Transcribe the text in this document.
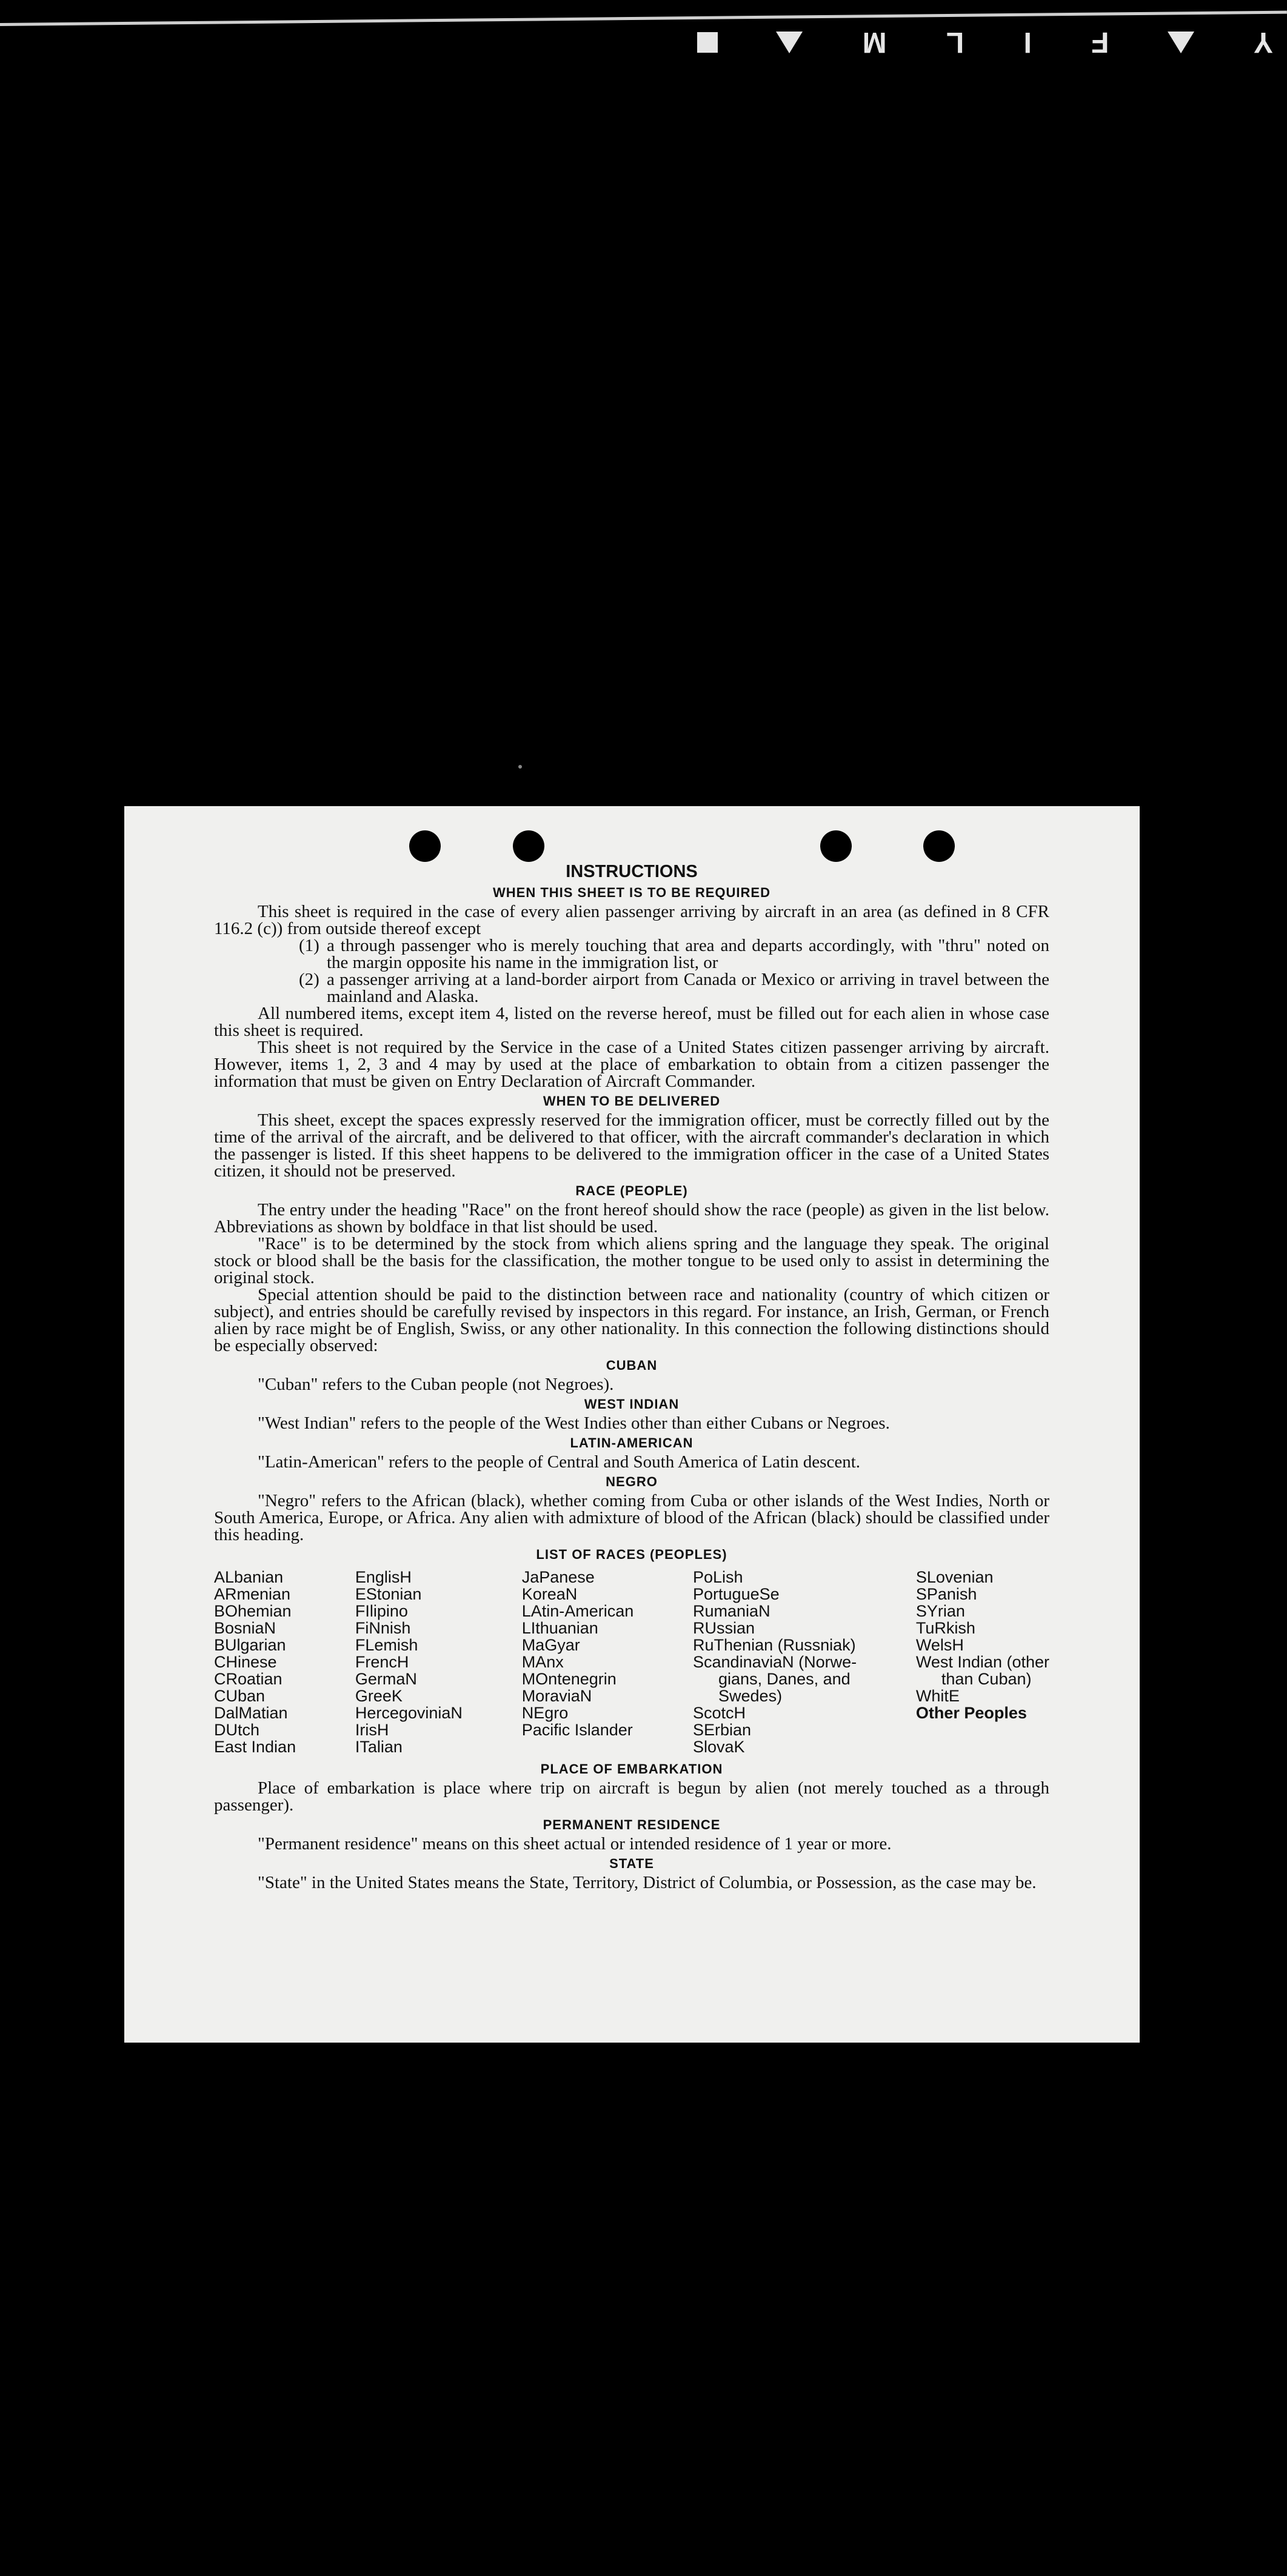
Y
F
I
L
M
INSTRUCTIONS
WHEN THIS SHEET IS TO BE REQUIRED

This sheet is required in the case of every alien passenger arriving by aircraft in an area (as defined in 8 CFR 116.2 (c)) from outside thereof except

(1) a through passenger who is merely touching that area and departs accordingly, with "thru" noted on the margin opposite his name in the immigration list, or
(2) a passenger arriving at a land-border airport from Canada or Mexico or arriving in travel between the mainland and Alaska.

All numbered items, except item 4, listed on the reverse hereof, must be filled out for each alien in whose case this sheet is required.

This sheet is not required by the Service in the case of a United States citizen passenger arriving by aircraft. However, items 1, 2, 3 and 4 may by used at the place of embarkation to obtain from a citizen passenger the information that must be given on Entry Declaration of Aircraft Commander.

WHEN TO BE DELIVERED

This sheet, except the spaces expressly reserved for the immigration officer, must be correctly filled out by the time of the arrival of the aircraft, and be delivered to that officer, with the aircraft commander's declaration in which the passenger is listed. If this sheet happens to be delivered to the immigration officer in the case of a United States citizen, it should not be preserved.

RACE (PEOPLE)

The entry under the heading "Race" on the front hereof should show the race (people) as given in the list below. Abbreviations as shown by boldface in that list should be used.

"Race" is to be determined by the stock from which aliens spring and the language they speak. The original stock or blood shall be the basis for the classification, the mother tongue to be used only to assist in determining the original stock.

Special attention should be paid to the distinction between race and nationality (country of which citizen or subject), and entries should be carefully revised by inspectors in this regard. For instance, an Irish, German, or French alien by race might be of English, Swiss, or any other nationality. In this connection the following distinctions should be especially observed:

CUBAN

"Cuban" refers to the Cuban people (not Negroes).

WEST INDIAN

"West Indian" refers to the people of the West Indies other than either Cubans or Negroes.

LATIN-AMERICAN

"Latin-American" refers to the people of Central and South America of Latin descent.

NEGRO

"Negro" refers to the African (black), whether coming from Cuba or other islands of the West Indies, North or South America, Europe, or Africa. Any alien with admixture of blood of the African (black) should be classified under this heading.

LIST OF RACES (PEOPLES)
ALbanian
ARmenian
BOhemian
BosniaN
BUlgarian
CHinese
CRoatian
CUban
DalMatian
DUtch
East Indian
EnglisH
EStonian
FIlipino
FiNnish
FLemish
FrencH
GermaN
GreeK
HercegoviniaN
IrisH
ITalian
JaPanese
KoreaN
LAtin-American
LIthuanian
MaGyar
MAnx
MOntenegrin
MoraviaN
NEgro
Pacific Islander
PoLish
PortugueSe
RumaniaN
RUssian
RuThenian (Russniak)
ScandinaviaN (Norwe-
gians, Danes, and
Swedes)
ScotcH
SErbian
SlovaK
SLovenian
SPanish
SYrian
TuRkish
WelsH
West Indian (other
than Cuban)
WhitE
Other Peoples
PLACE OF EMBARKATION

Place of embarkation is place where trip on aircraft is begun by alien (not merely touched as a through passenger).

PERMANENT RESIDENCE

"Permanent residence" means on this sheet actual or intended residence of 1 year or more.

STATE

"State" in the United States means the State, Territory, District of Columbia, or Possession, as the case may be.
